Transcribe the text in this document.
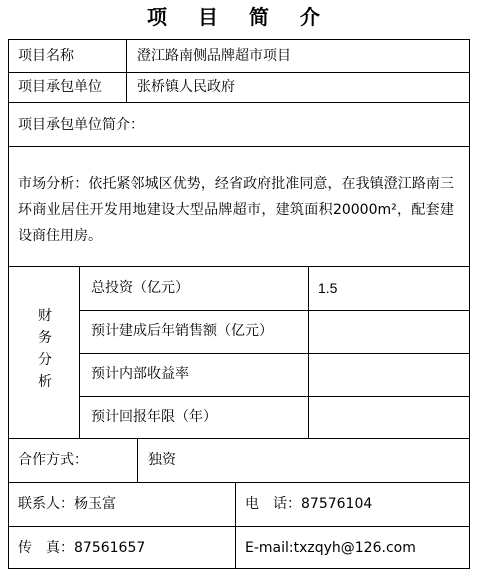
项 目 简 介
项目名称	澄江路南侧品牌超市项目
项目承包单位	张桥镇人民政府
项目承包单位简介：
市场分析：依托紧邻城区优势，经省政府批准同意，在我镇澄江路南三环商业居住开发用地建设大型品牌超市，建筑面积20000m²，配套建设商住用房。
财务分析
总投资（亿元）	1.5
预计建成后年销售额（亿元）
预计内部收益率
预计回报年限（年）
合作方式：	独资
联系人：杨玉富	电　话：87576104
传　真：87561657	E-mail:txzqyh@126.com
